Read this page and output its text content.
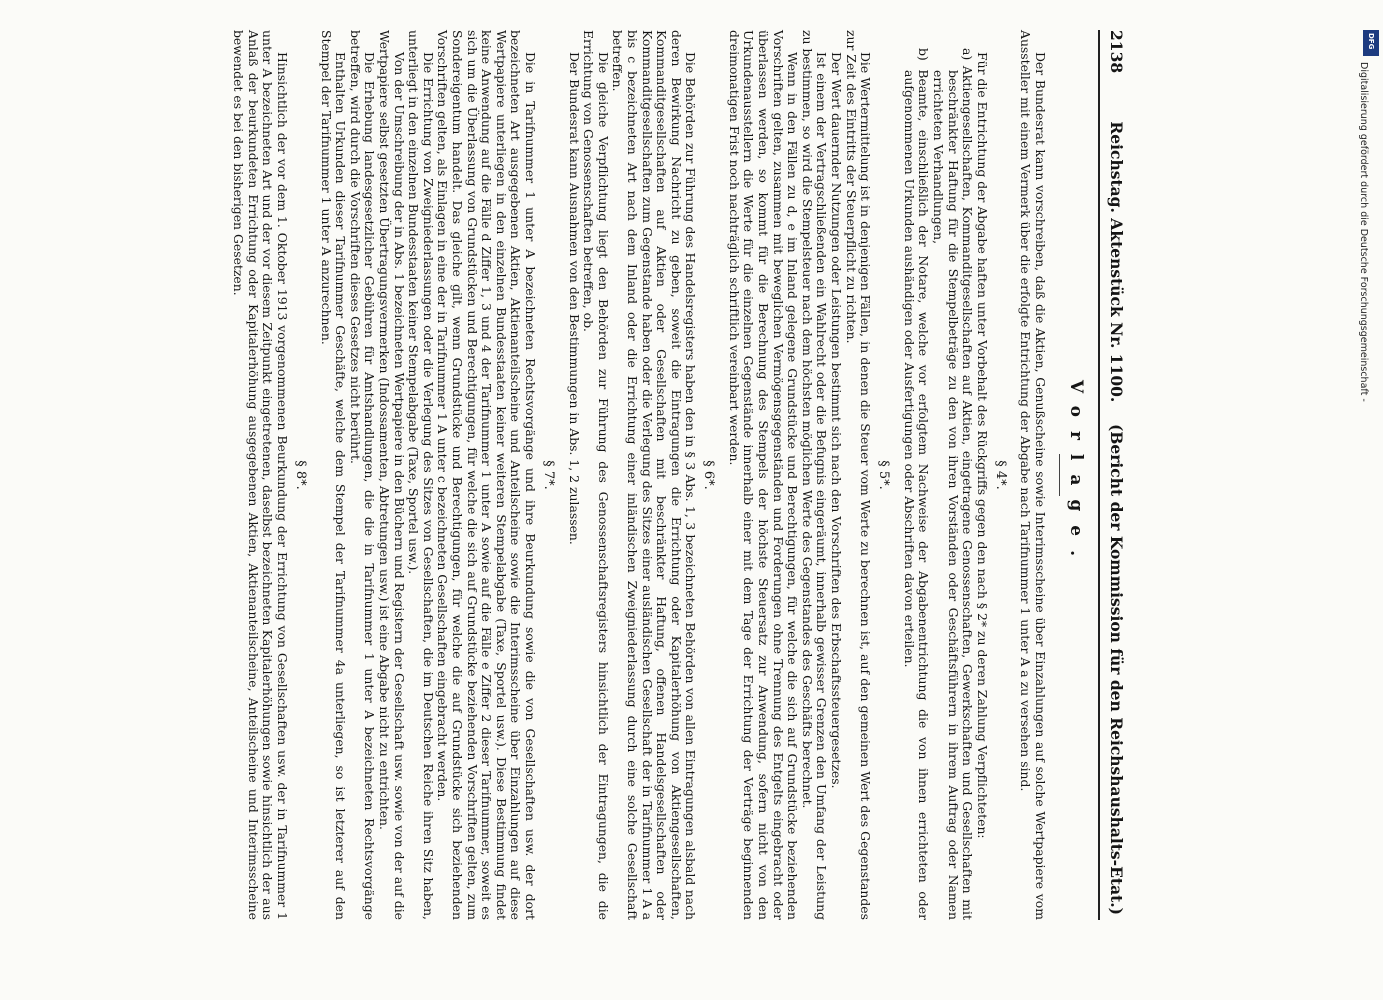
2138 Reichstag. Aktenstück Nr. 1100.    (Bericht der Kommission für den Reichshaushalts-Etat.)
Vorlage.

Der Bundesrat kann vorschreiben, daß die Aktien, Genußscheine sowie Interimsscheine über Einzahlungen auf solche Wertpapiere vom Aussteller mit einem Vermerk über die erfolgte Entrichtung der Abgabe nach Tarifnummer 1 unter A a zu versehen sind.

§ 4*.

Für die Entrichtung der Abgabe haften unter Vorbehalt des Rückgriffs gegen den nach § 2* zu deren Zahlung Verpflichteten:

a) Aktiengesellschaften, Kommanditgesellschaften auf Aktien, eingetragene Genossenschaften, Gewerkschaften und Gesellschaften mit beschränkter Haftung für die Stempelbeträge zu den von ihren Vorständen oder Geschäftsführern in ihrem Auftrag oder Namen errichteten Verhandlungen,

b) Beamte, einschließlich der Notare, welche vor erfolgtem Nachweise der Abgabenentrichtung die von ihnen errichteten oder aufgenommenen Urkunden aushändigen oder Ausfertigungen oder Abschriften davon erteilen.

§ 5*.

Die Wertermittelung ist in denjenigen Fällen, in denen die Steuer vom Werte zu berechnen ist, auf den gemeinen Wert des Gegenstandes zur Zeit des Eintritts der Steuerpflicht zu richten.

Der Wert dauernder Nutzungen oder Leistungen bestimmt sich nach den Vorschriften des Erbschaftssteuergesetzes.

Ist einem der Vertragschließenden ein Wahlrecht oder die Befugnis eingeräumt, innerhalb gewisser Grenzen den Umfang der Leistung zu bestimmen, so wird die Stempelsteuer nach dem höchsten möglichen Werte des Gegenstandes des Geschäfts berechnet.

Wenn in den Fällen zu d, e im Inland gelegene Grundstücke und Berechtigungen, für welche die sich auf Grundstücke beziehenden Vorschriften gelten, zusammen mit beweglichen Vermögensgegenständen und Forderungen ohne Trennung des Entgelts eingebracht oder überlassen werden, so kommt für die Berechnung des Stempels der höchste Steuersatz zur Anwendung, sofern nicht von den Urkundenausstellern die Werte für die einzelnen Gegenstände innerhalb einer mit dem Tage der Errichtung der Verträge beginnenden dreimonatigen Frist noch nachträglich schriftlich vereinbart werden.

§ 6*.

Die Behörden zur Führung des Handelsregisters haben den in § 3 Abs. 1, 3 bezeichneten Behörden von allen Eintragungen alsbald nach deren Bewirkung Nachricht zu geben, soweit die Eintragungen die Errichtung oder Kapitalerhöhung von Aktiengesellschaften, Kommanditgesellschaften auf Aktien oder Gesellschaften mit beschränkter Haftung, offenen Handelsgesellschaften oder Kommanditgesellschaften zum Gegenstande haben oder die Verlegung des Sitzes einer ausländischen Gesellschaft der in Tarifnummer 1 A a bis c bezeichneten Art nach dem Inland oder die Errichtung einer inländischen Zweigniederlassung durch eine solche Gesellschaft betreffen.

Die gleiche Verpflichtung liegt den Behörden zur Führung des Genossenschaftsregisters hinsichtlich der Eintragungen, die die Errichtung von Genossenschaften betreffen, ob.

Der Bundesrat kann Ausnahmen von den Bestimmungen in Abs. 1, 2 zulassen.

§ 7*.

Die in Tarifnummer 1 unter A bezeichneten Rechtsvorgänge und ihre Beurkundung sowie die von Gesellschaften usw. der dort bezeichneten Art ausgegebenen Aktien, Aktienanteilscheine und Anteilscheine sowie die Interimsscheine über Einzahlungen auf diese Wertpapiere unterliegen in den einzelnen Bundesstaaten keiner weiteren Stempelabgabe (Taxe, Sportel usw.). Diese Bestimmung findet keine Anwendung auf die Fälle d Ziffer 1, 3 und 4 der Tarifnummer 1 unter A sowie auf die Fälle e Ziffer 2 dieser Tarifnummer, soweit es sich um die Überlassung von Grundstücken und Berechtigungen, für welche die sich auf Grundstücke beziehenden Vorschriften gelten, zum Sondereigentum handelt. Das gleiche gilt, wenn Grundstücke und Berechtigungen, für welche die auf Grundstücke sich beziehenden Vorschriften gelten, als Einlagen in eine der in Tarifnummer 1 A unter c bezeichneten Gesellschaften eingebracht werden.

Die Errichtung von Zweigniederlassungen oder die Verlegung des Sitzes von Gesellschaften, die im Deutschen Reiche ihren Sitz haben, unterliegt in den einzelnen Bundesstaaten keiner Stempelabgabe (Taxe, Sportel usw.).

Von der Umschreibung der in Abs. 1 bezeichneten Wertpapiere in den Büchern und Registern der Gesellschaft usw. sowie von der auf die Wertpapiere selbst gesetzten Übertragungsvermerken (Indossamenten, Abtretungen usw.) ist eine Abgabe nicht zu entrichten.

Die Erhebung landesgesetzlicher Gebühren für Amtshandlungen, die die in Tarifnummer 1 unter A bezeichneten Rechtsvorgänge betreffen, wird durch die Vorschriften dieses Gesetzes nicht berührt.

Enthalten Urkunden dieser Tarifnummer Geschäfte, welche dem Stempel der Tarifnummer 4a unterliegen, so ist letzterer auf den Stempel der Tarifnummer 1 unter A anzurechnen.

§ 8*.

Hinsichtlich der vor dem 1. Oktober 1913 vorgenommenen Beurkundung der Errichtung von Gesellschaften usw. der in Tarifnummer 1 unter A bezeichneten Art und der vor diesem Zeitpunkt eingetretenen, daselbst bezeichneten Kapitalerhöhungen sowie hinsichtlich der aus Anlaß der beurkundeten Errichtung oder Kapitalerhöhung ausgegebenen Aktien, Aktienanteilscheine, Anteilscheine und Interimsscheine bewendet es bei den bisherigen Gesetzen.	DFG
Digitalisierung gefördert durch die Deutsche Forschungsgemeinschaft -
